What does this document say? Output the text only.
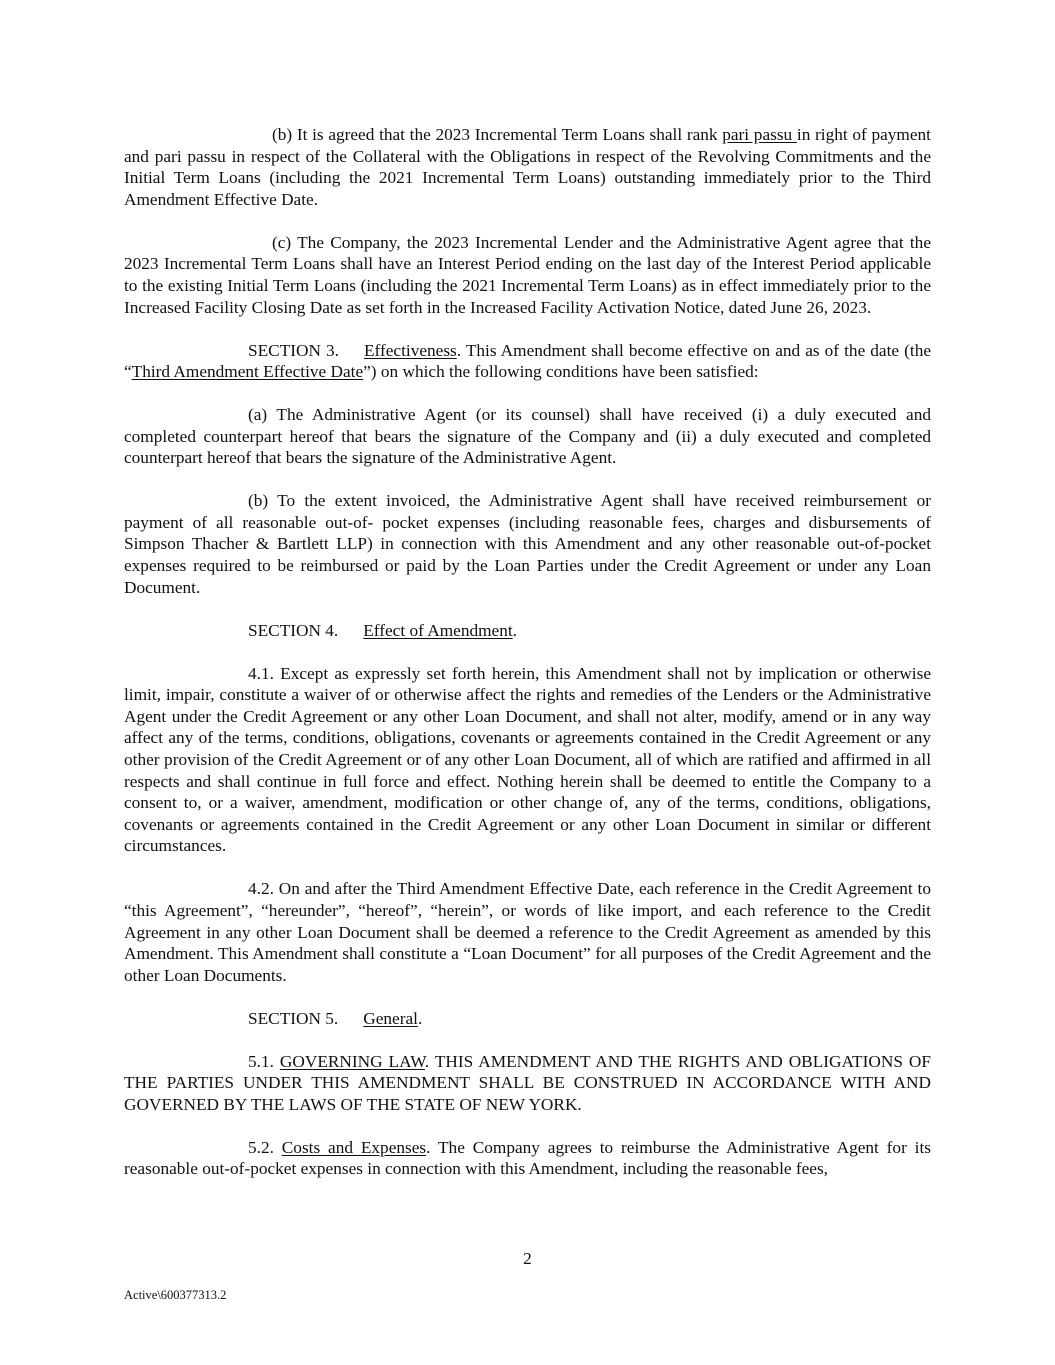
(b) It is agreed that the 2023 Incremental Term Loans shall rank pari passu in right of payment and pari passu in respect of the Collateral with the Obligations in respect of the Revolving Commitments and the Initial Term Loans (including the 2021 Incremental Term Loans) outstanding immediately prior to the Third Amendment Effective Date.

(c) The Company, the 2023 Incremental Lender and the Administrative Agent agree that the 2023 Incremental Term Loans shall have an Interest Period ending on the last day of the Interest Period applicable to the existing Initial Term Loans (including the 2021 Incremental Term Loans) as in effect immediately prior to the Increased Facility Closing Date as set forth in the Increased Facility Activation Notice, dated June 26, 2023.

SECTION 3. Effectiveness. This Amendment shall become effective on and as of the date (the “Third Amendment Effective Date”) on which the following conditions have been satisfied:

(a) The Administrative Agent (or its counsel) shall have received (i) a duly executed and completed counterpart hereof that bears the signature of the Company and (ii) a duly executed and completed counterpart hereof that bears the signature of the Administrative Agent.

(b) To the extent invoiced, the Administrative Agent shall have received reimbursement or payment of all reasonable out-of- pocket expenses (including reasonable fees, charges and disbursements of Simpson Thacher & Bartlett LLP) in connection with this Amendment and any other reasonable out-of-pocket expenses required to be reimbursed or paid by the Loan Parties under the Credit Agreement or under any Loan Document.

SECTION 4. Effect of Amendment.

4.1. Except as expressly set forth herein, this Amendment shall not by implication or otherwise limit, impair, constitute a waiver of or otherwise affect the rights and remedies of the Lenders or the Administrative Agent under the Credit Agreement or any other Loan Document, and shall not alter, modify, amend or in any way affect any of the terms, conditions, obligations, covenants or agreements contained in the Credit Agreement or any other provision of the Credit Agreement or of any other Loan Document, all of which are ratified and affirmed in all respects and shall continue in full force and effect. Nothing herein shall be deemed to entitle the Company to a consent to, or a waiver, amendment, modification or other change of, any of the terms, conditions, obligations, covenants or agreements contained in the Credit Agreement or any other Loan Document in similar or different circumstances.

4.2. On and after the Third Amendment Effective Date, each reference in the Credit Agreement to “this Agreement”, “hereunder”, “hereof”, “herein”, or words of like import, and each reference to the Credit Agreement in any other Loan Document shall be deemed a reference to the Credit Agreement as amended by this Amendment. This Amendment shall constitute a “Loan Document” for all purposes of the Credit Agreement and the other Loan Documents.

SECTION 5. General.

5.1. GOVERNING LAW. THIS AMENDMENT AND THE RIGHTS AND OBLIGATIONS OF THE PARTIES UNDER THIS AMENDMENT SHALL BE CONSTRUED IN ACCORDANCE WITH AND GOVERNED BY THE LAWS OF THE STATE OF NEW YORK.

5.2. Costs and Expenses. The Company agrees to reimburse the Administrative Agent for its reasonable out-of-pocket expenses in connection with this Amendment, including the reasonable fees,

2
Active\600377313.2
